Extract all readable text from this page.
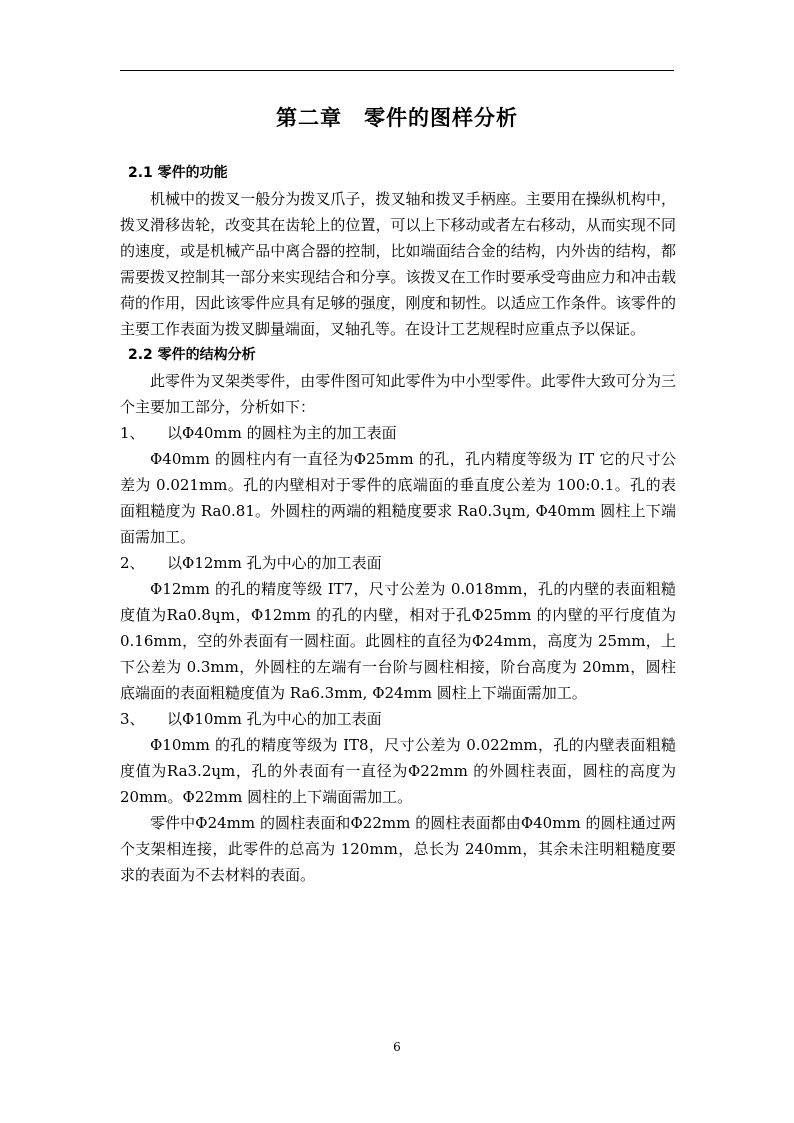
第二章　零件的图样分析

2.1 零件的功能

机械中的拨叉一般分为拨叉爪子，拨叉轴和拨叉手柄座。主要用在操纵机构中，拨叉滑移齿轮，改变其在齿轮上的位置，可以上下移动或者左右移动，从而实现不同的速度，或是机械产品中离合器的控制，比如端面结合金的结构，内外齿的结构，都需要拨叉控制其一部分来实现结合和分享。该拨叉在工作时要承受弯曲应力和冲击载荷的作用，因此该零件应具有足够的强度，刚度和韧性。以适应工作条件。该零件的主要工作表面为拨叉脚量端面，叉轴孔等。在设计工艺规程时应重点予以保证。

2.2 零件的结构分析

此零件为叉架类零件，由零件图可知此零件为中小型零件。此零件大致可分为三个主要加工部分，分析如下：

1、　　以Φ40mm 的圆柱为主的加工表面

Φ40mm 的圆柱内有一直径为Φ25mm 的孔，孔内精度等级为 IT 它的尺寸公差为 0.021mm。孔的内壁相对于零件的底端面的垂直度公差为 100:0.1。孔的表面粗糙度为 Ra0.81。外圆柱的两端的粗糙度要求 Ra0.3ɥm, Φ40mm 圆柱上下端面需加工。

2、　　以Φ12mm 孔为中心的加工表面

Φ12mm 的孔的精度等级 IT7，尺寸公差为 0.018mm，孔的内壁的表面粗糙度值为Ra0.8ɥm，Φ12mm 的孔的内壁，相对于孔Φ25mm 的内壁的平行度值为 0.16mm，空的外表面有一圆柱面。此圆柱的直径为Φ24mm，高度为 25mm，上下公差为 0.3mm，外圆柱的左端有一台阶与圆柱相接，阶台高度为 20mm，圆柱底端面的表面粗糙度值为 Ra6.3mm, Φ24mm 圆柱上下端面需加工。

3、　　以Φ10mm 孔为中心的加工表面

Φ10mm 的孔的精度等级为 IT8，尺寸公差为 0.022mm，孔的内壁表面粗糙度值为Ra3.2ɥm，孔的外表面有一直径为Φ22mm 的外圆柱表面，圆柱的高度为 20mm。Φ22mm 圆柱的上下端面需加工。

零件中Φ24mm 的圆柱表面和Φ22mm 的圆柱表面都由Φ40mm 的圆柱通过两个支架相连接，此零件的总高为 120mm，总长为 240mm，其余未注明粗糙度要求的表面为不去材料的表面。

6
